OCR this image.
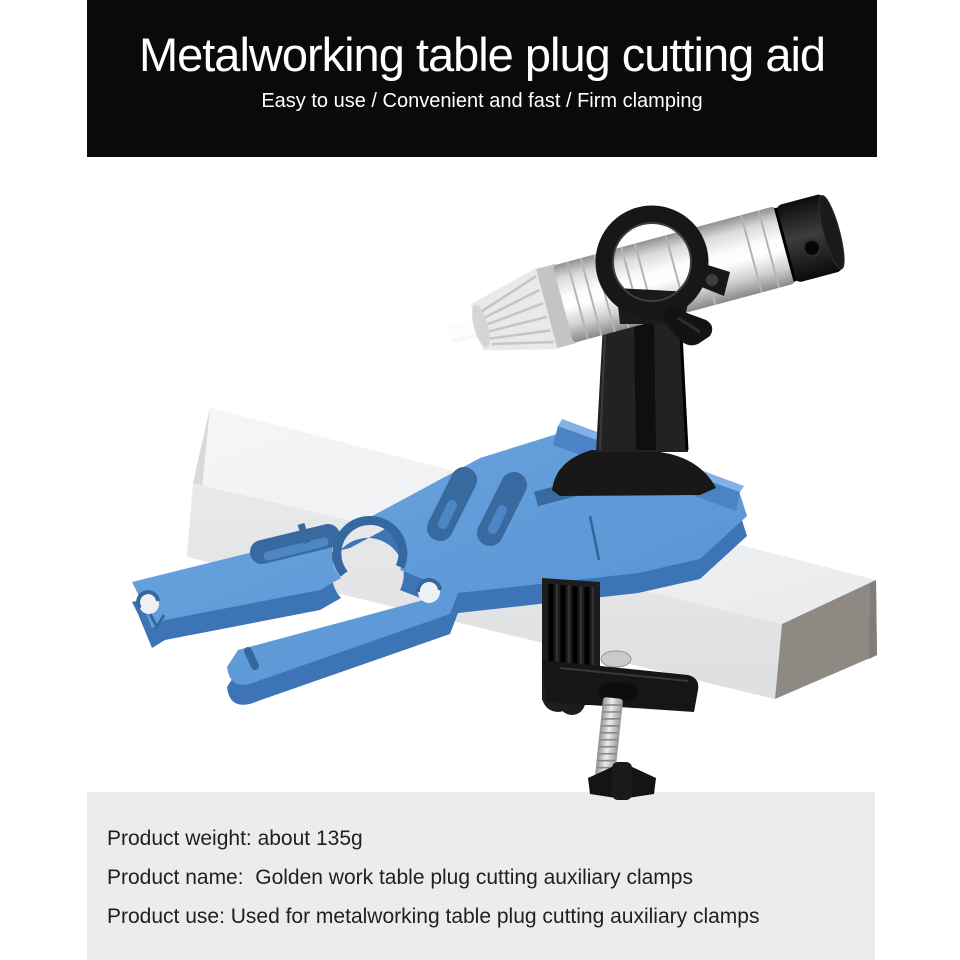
Metalworking table plug cutting aid

Easy to use / Convenient and fast / Firm clamping

Product weight: about 135g

Product name:  Golden work table plug cutting auxiliary clamps

Product use: Used for metalworking table plug cutting auxiliary clamps
